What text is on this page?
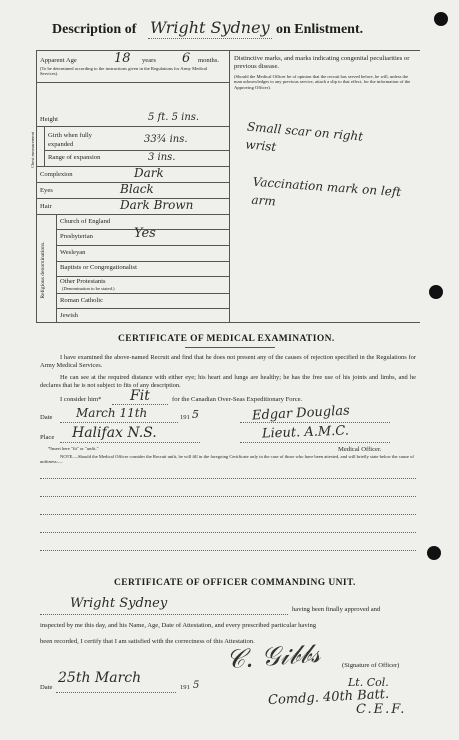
Description of Wright Sydney on Enlistment.
Apparent Age	18 years 6 months.
(To be determined according to the instructions given in the Regulations for Army Medical Services).
Distinctive marks, and marks indicating congenital peculiarities or previous disease.
(Should the Medical Officer be of opinion that the recruit has served before, he will, unless the man acknowledges to any previous service, attach a slip to that effect, for the information of the Approving Officer).
Small scar on right wrist
Vaccination mark on left arm
Height	5 ft. 5 ins.
Chest measurement Girth when fully expanded	33¾ ins.
Range of expansion	3 ins.
Complexion	Dark
Eyes	Black
Hair	Dark Brown
Religious denominations.
Church of England
Presbyterian	Yes
Wesleyan
Baptists or Congregationalist
Other Protestants
(Denomination to be stated.)
Roman Catholic
Jewish
CERTIFICATE OF MEDICAL EXAMINATION.
I have examined the above-named Recruit and find that he does not present any of the causes of rejection specified in the Regulations for Army Medical Services.
He can see at the required distance with either eye; his heart and lungs are healthy; he has the free use of his joints and limbs, and he declares that he is not subject to fits of any description.
I consider him* Fit	for the Canadian Over-Seas Expeditionary Force.
Date March 11th	191 5	Edgar Douglas
Place Halifax N.S.	Lieut. A.M.C.
Medical Officer.
*Insert here "fit" or "unfit."
NOTE.—Should the Medical Officer consider the Recruit unfit, he will fill in the foregoing Certificate only in the case of those who have been attested, and will briefly state below the cause of unfitness:—
CERTIFICATE OF OFFICER COMMANDING UNIT.
Wright Sydney	having been finally approved and
inspected by me this day, and his Name, Age, Date of Attestation, and every prescribed particular having
been recorded, I certify that I am satisfied with the correctness of this Attestation.
𝒞. 𝒢𝒾𝒷𝒷𝓈	(Signature of Officer)
Date
25th March
191 5	Lt. Col.
Comdg. 40th Batt.
C.E.F.
